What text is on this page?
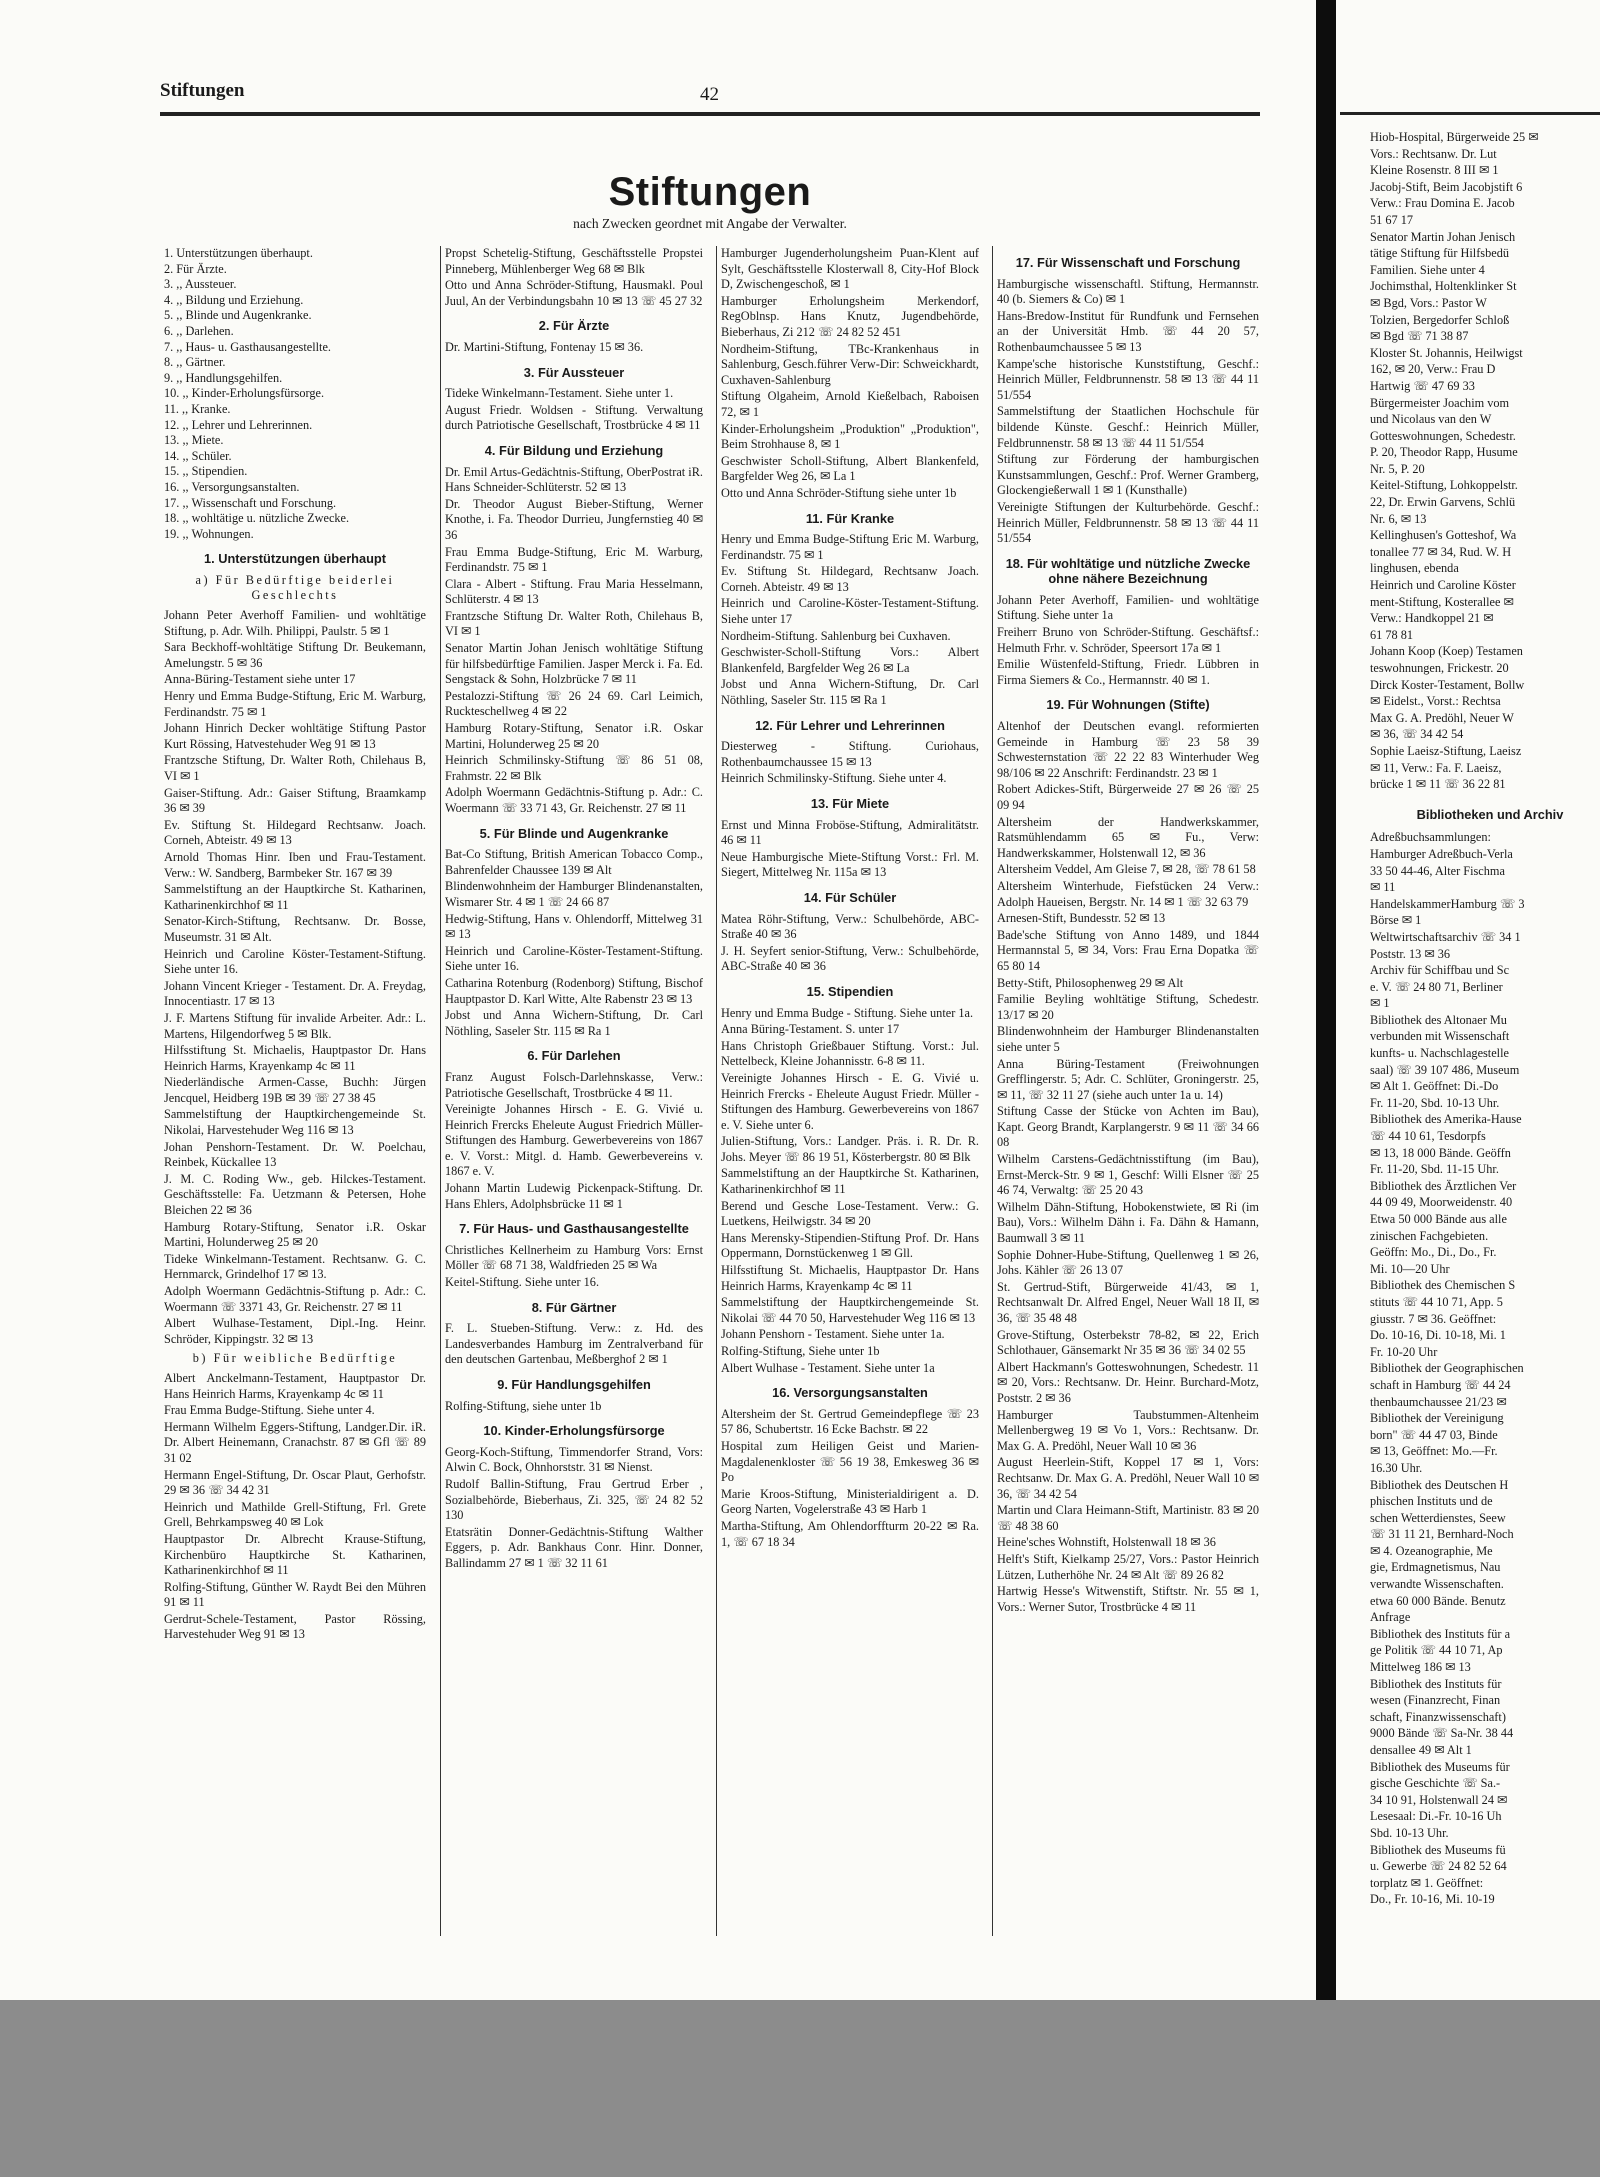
Stiftungen	42
Stiftungen
nach Zwecken geordnet mit Angabe der Verwalter.
1. Unterstützungen überhaupt.
2. Für Ärzte.
3. ,, Aussteuer.
4. ,, Bildung und Erziehung.
5. ,, Blinde und Augenkranke.
6. ,, Darlehen.
7. ,, Haus- u. Gasthausangestellte.
8. ,, Gärtner.
9. ,, Handlungsgehilfen.
10. ,, Kinder-Erholungsfürsorge.
11. ,, Kranke.
12. ,, Lehrer und Lehrerinnen.
13. ,, Miete.
14. ,, Schüler.
15. ,, Stipendien.
16. ,, Versorgungsanstalten.
17. ,, Wissenschaft und Forschung.
18. ,, wohltätige u. nützliche Zwecke.
19. ,, Wohnungen.
1. Unterstützungen überhaupt
a) Für Bedürftige beiderlei Geschlechts
Johann Peter Averhoff Familien- und wohltätige Stiftung, p. Adr. Wilh. Philippi, Paulstr. 5 ✉ 1
Sara Beckhoff-wohltätige Stiftung Dr. Beukemann, Amelungstr. 5 ✉ 36
Anna-Büring-Testament siehe unter 17
Henry und Emma Budge-Stiftung, Eric M. Warburg, Ferdinandstr. 75 ✉ 1
Johann Hinrich Decker wohltätige Stiftung Pastor Kurt Rössing, Hatvestehuder Weg 91 ✉ 13
Frantzsche Stiftung, Dr. Walter Roth, Chilehaus B, VI ✉ 1
Gaiser-Stiftung. Adr.: Gaiser Stiftung, Braamkamp 36 ✉ 39
Ev. Stiftung St. Hildegard Rechtsanw. Joach. Corneh, Abteistr. 49 ✉ 13
Arnold Thomas Hinr. Iben und Frau-Testament. Verw.: W. Sandberg, Barmbeker Str. 167 ✉ 39
Sammelstiftung an der Hauptkirche St. Katharinen, Katharinenkirchhof ✉ 11
Senator-Kirch-Stiftung, Rechtsanw. Dr. Bosse, Museumstr. 31 ✉ Alt.
Heinrich und Caroline Köster-Testament-Stiftung. Siehe unter 16.
Johann Vincent Krieger - Testament. Dr. A. Freydag, Innocentiastr. 17 ✉ 13
J. F. Martens Stiftung für invalide Arbeiter. Adr.: L. Martens, Hilgendorfweg 5 ✉ Blk.
Hilfsstiftung St. Michaelis, Hauptpastor Dr. Hans Heinrich Harms, Krayenkamp 4c ✉ 11
Niederländische Armen-Casse, Buchh: Jürgen Jencquel, Heidberg 19B ✉ 39 ☏ 27 38 45
Sammelstiftung der Hauptkirchengemeinde St. Nikolai, Harvestehuder Weg 116 ✉ 13
Johan Penshorn-Testament. Dr. W. Poelchau, Reinbek, Kückallee 13
J. M. C. Roding Ww., geb. Hilckes-Testament. Geschäftsstelle: Fa. Uetzmann & Petersen, Hohe Bleichen 22 ✉ 36
Hamburg Rotary-Stiftung, Senator i.R. Oskar Martini, Holunderweg 25 ✉ 20
Tideke Winkelmann-Testament. Rechtsanw. G. C. Hernmarck, Grindelhof 17 ✉ 13.
Adolph Woermann Gedächtnis-Stiftung p. Adr.: C. Woermann ☏ 3371 43, Gr. Reichenstr. 27 ✉ 11
Albert Wulhase-Testament, Dipl.-Ing. Heinr. Schröder, Kippingstr. 32 ✉ 13
b) Für weibliche Bedürftige
Albert Anckelmann-Testament, Hauptpastor Dr. Hans Heinrich Harms, Krayenkamp 4c ✉ 11
Frau Emma Budge-Stiftung. Siehe unter 4.
Hermann Wilhelm Eggers-Stiftung, Landger.Dir. iR. Dr. Albert Heinemann, Cranachstr. 87 ✉ Gfl ☏ 89 31 02
Hermann Engel-Stiftung, Dr. Oscar Plaut, Gerhofstr. 29 ✉ 36 ☏ 34 42 31
Heinrich und Mathilde Grell-Stiftung, Frl. Grete Grell, Behrkampsweg 40 ✉ Lok
Hauptpastor Dr. Albrecht Krause-Stiftung, Kirchenbüro Hauptkirche St. Katharinen, Katharinenkirchhof ✉ 11
Rolfing-Stiftung, Günther W. Raydt Bei den Mühren 91 ✉ 11
Gerdrut-Schele-Testament, Pastor Rössing, Harvestehuder Weg 91 ✉ 13
Propst Schetelig-Stiftung, Geschäftsstelle Propstei Pinneberg, Mühlenberger Weg 68 ✉ Blk
Otto und Anna Schröder-Stiftung, Hausmakl. Poul Juul, An der Verbindungsbahn 10 ✉ 13 ☏ 45 27 32
2. Für Ärzte
Dr. Martini-Stiftung, Fontenay 15 ✉ 36.
3. Für Aussteuer
Tideke Winkelmann-Testament. Siehe unter 1.
August Friedr. Woldsen - Stiftung. Verwaltung durch Patriotische Gesellschaft, Trostbrücke 4 ✉ 11
4. Für Bildung und Erziehung
Dr. Emil Artus-Gedächtnis-Stiftung, OberPostrat iR. Hans Schneider-Schlüterstr. 52 ✉ 13
Dr. Theodor August Bieber-Stiftung, Werner Knothe, i. Fa. Theodor Durrieu, Jungfernstieg 40 ✉ 36
Frau Emma Budge-Stiftung, Eric M. Warburg, Ferdinandstr. 75 ✉ 1
Clara - Albert - Stiftung. Frau Maria Hesselmann, Schlüterstr. 4 ✉ 13
Frantzsche Stiftung Dr. Walter Roth, Chilehaus B, VI ✉ 1
Senator Martin Johan Jenisch wohltätige Stiftung für hilfsbedürftige Familien. Jasper Merck i. Fa. Ed. Sengstack & Sohn, Holzbrücke 7 ✉ 11
Pestalozzi-Stiftung ☏ 26 24 69. Carl Leimich, Ruckteschellweg 4 ✉ 22
Hamburg Rotary-Stiftung, Senator i.R. Oskar Martini, Holunderweg 25 ✉ 20
Heinrich Schmilinsky-Stiftung ☏ 86 51 08, Frahmstr. 22 ✉ Blk
Adolph Woermann Gedächtnis-Stiftung p. Adr.: C. Woermann ☏ 33 71 43, Gr. Reichenstr. 27 ✉ 11
5. Für Blinde und Augenkranke
Bat-Co Stiftung, British American Tobacco Comp., Bahrenfelder Chaussee 139 ✉ Alt
Blindenwohnheim der Hamburger Blindenanstalten, Wismarer Str. 4 ✉ 1 ☏ 24 66 87
Hedwig-Stiftung, Hans v. Ohlendorff, Mittelweg 31 ✉ 13
Heinrich und Caroline-Köster-Testament-Stiftung. Siehe unter 16.
Catharina Rotenburg (Rodenborg) Stiftung, Bischof Hauptpastor D. Karl Witte, Alte Rabenstr 23 ✉ 13
Jobst und Anna Wichern-Stiftung, Dr. Carl Nöthling, Saseler Str. 115 ✉ Ra 1
6. Für Darlehen
Franz August Folsch-Darlehnskasse, Verw.: Patriotische Gesellschaft, Trostbrücke 4 ✉ 11.
Vereinigte Johannes Hirsch - E. G. Vivié u. Heinrich Frercks Eheleute August Friedrich Müller-Stiftungen des Hamburg. Gewerbevereins von 1867 e. V. Vorst.: Mitgl. d. Hamb. Gewerbevereins v. 1867 e. V.
Johann Martin Ludewig Pickenpack-Stiftung. Dr. Hans Ehlers, Adolphsbrücke 11 ✉ 1
7. Für Haus- und Gasthausangestellte
Christliches Kellnerheim zu Hamburg Vors: Ernst Möller ☏ 68 71 38, Waldfrieden 25 ✉ Wa
Keitel-Stiftung. Siehe unter 16.
8. Für Gärtner
F. L. Stueben-Stiftung. Verw.: z. Hd. des Landesverbandes Hamburg im Zentralverband für den deutschen Gartenbau, Meßberghof 2 ✉ 1
9. Für Handlungsgehilfen
Rolfing-Stiftung, siehe unter 1b
10. Kinder-Erholungsfürsorge
Georg-Koch-Stiftung, Timmendorfer Strand, Vors: Alwin C. Bock, Ohnhorststr. 31 ✉ Nienst.
Rudolf Ballin-Stiftung, Frau Gertrud Erber , Sozialbehörde, Bieberhaus, Zi. 325, ☏ 24 82 52 130
Etatsrätin Donner-Gedächtnis-Stiftung Walther Eggers, p. Adr. Bankhaus Conr. Hinr. Donner, Ballindamm 27 ✉ 1 ☏ 32 11 61
Hamburger Jugenderholungsheim Puan-Klent auf Sylt, Geschäftsstelle Klosterwall 8, City-Hof Block D, Zwischengeschoß, ✉ 1
Hamburger Erholungsheim Merkendorf, RegOblnsp. Hans Knutz, Jugendbehörde, Bieberhaus, Zi 212 ☏ 24 82 52 451
Nordheim-Stiftung, TBc-Krankenhaus in Sahlenburg, Gesch.führer Verw-Dir: Schweickhardt, Cuxhaven-Sahlenburg
Stiftung Olgaheim, Arnold Kießelbach, Raboisen 72, ✉ 1
Kinder-Erholungsheim „Produktion" „Produktion", Beim Strohhause 8, ✉ 1
Geschwister Scholl-Stiftung, Albert Blankenfeld, Bargfelder Weg 26, ✉ La 1
Otto und Anna Schröder-Stiftung siehe unter 1b
11. Für Kranke
Henry und Emma Budge-Stiftung Eric M. Warburg, Ferdinandstr. 75 ✉ 1
Ev. Stiftung St. Hildegard, Rechtsanw Joach. Corneh. Abteistr. 49 ✉ 13
Heinrich und Caroline-Köster-Testament-Stiftung. Siehe unter 17
Nordheim-Stiftung. Sahlenburg bei Cuxhaven.
Geschwister-Scholl-Stiftung Vors.: Albert Blankenfeld, Bargfelder Weg 26 ✉ La
Jobst und Anna Wichern-Stiftung, Dr. Carl Nöthling, Saseler Str. 115 ✉ Ra 1
12. Für Lehrer und Lehrerinnen
Diesterweg - Stiftung. Curiohaus, Rothenbaumchaussee 15 ✉ 13
Heinrich Schmilinsky-Stiftung. Siehe unter 4.
13. Für Miete
Ernst und Minna Froböse-Stiftung, Admiralitätstr. 46 ✉ 11
Neue Hamburgische Miete-Stiftung Vorst.: Frl. M. Siegert, Mittelweg Nr. 115a ✉ 13
14. Für Schüler
Matea Röhr-Stiftung, Verw.: Schulbehörde, ABC-Straße 40 ✉ 36
J. H. Seyfert senior-Stiftung, Verw.: Schulbehörde, ABC-Straße 40 ✉ 36
15. Stipendien
Henry und Emma Budge - Stiftung. Siehe unter 1a.
Anna Büring-Testament. S. unter 17
Hans Christoph Grießbauer Stiftung. Vorst.: Jul. Nettelbeck, Kleine Johannisstr. 6-8 ✉ 11.
Vereinigte Johannes Hirsch - E. G. Vivié u. Heinrich Frercks - Eheleute August Friedr. Müller - Stiftungen des Hamburg. Gewerbevereins von 1867 e. V. Siehe unter 6.
Julien-Stiftung, Vors.: Landger. Präs. i. R. Dr. R. Johs. Meyer ☏ 86 19 51, Kösterbergstr. 80 ✉ Blk
Sammelstiftung an der Hauptkirche St. Katharinen, Katharinenkirchhof ✉ 11
Berend und Gesche Lose-Testament. Verw.: G. Luetkens, Heilwigstr. 34 ✉ 20
Hans Merensky-Stipendien-Stiftung Prof. Dr. Hans Oppermann, Dornstückenweg 1 ✉ Gll.
Hilfsstiftung St. Michaelis, Hauptpastor Dr. Hans Heinrich Harms, Krayenkamp 4c ✉ 11
Sammelstiftung der Hauptkirchengemeinde St. Nikolai ☏ 44 70 50, Harvestehuder Weg 116 ✉ 13
Johann Penshorn - Testament. Siehe unter 1a.
Rolfing-Stiftung, Siehe unter 1b
Albert Wulhase - Testament. Siehe unter 1a
16. Versorgungsanstalten
Altersheim der St. Gertrud Gemeindepflege ☏ 23 57 86, Schubertstr. 16 Ecke Bachstr. ✉ 22
Hospital zum Heiligen Geist und Marien-Magdalenenkloster ☏ 56 19 38, Emkesweg 36 ✉ Po
Marie Kroos-Stiftung, Ministerialdirigent a. D. Georg Narten, Vogelerstraße 43 ✉ Harb 1
Martha-Stiftung, Am Ohlendorffturm 20-22 ✉ Ra. 1, ☏ 67 18 34
17. Für Wissenschaft und Forschung
Hamburgische wissenschaftl. Stiftung, Hermannstr. 40 (b. Siemers & Co) ✉ 1
Hans-Bredow-Institut für Rundfunk und Fernsehen an der Universität Hmb. ☏ 44 20 57, Rothenbaumchaussee 5 ✉ 13
Kampe'sche historische Kunststiftung, Geschf.: Heinrich Müller, Feldbrunnenstr. 58 ✉ 13 ☏ 44 11 51/554
Sammelstiftung der Staatlichen Hochschule für bildende Künste. Geschf.: Heinrich Müller, Feldbrunnenstr. 58 ✉ 13 ☏ 44 11 51/554
Stiftung zur Förderung der hamburgischen Kunstsammlungen, Geschf.: Prof. Werner Gramberg, Glockengießerwall 1 ✉ 1 (Kunsthalle)
Vereinigte Stiftungen der Kulturbehörde. Geschf.: Heinrich Müller, Feldbrunnenstr. 58 ✉ 13 ☏ 44 11 51/554
18. Für wohltätige und nützliche Zwecke ohne nähere Bezeichnung
Johann Peter Averhoff, Familien- und wohltätige Stiftung. Siehe unter 1a
Freiherr Bruno von Schröder-Stiftung. Geschäftsf.: Helmuth Frhr. v. Schröder, Speersort 17a ✉ 1
Emilie Wüstenfeld-Stiftung, Friedr. Lübbren in Firma Siemers & Co., Hermannstr. 40 ✉ 1.
19. Für Wohnungen (Stifte)
Altenhof der Deutschen evangl. reformierten Gemeinde in Hamburg ☏ 23 58 39 Schwesternstation ☏ 22 22 83 Winterhuder Weg 98/106 ✉ 22 Anschrift: Ferdinandstr. 23 ✉ 1
Robert Adickes-Stift, Bürgerweide 27 ✉ 26 ☏ 25 09 94
Altersheim der Handwerkskammer, Ratsmühlendamm 65 ✉ Fu., Verw: Handwerkskammer, Holstenwall 12, ✉ 36
Altersheim Veddel, Am Gleise 7, ✉ 28, ☏ 78 61 58
Altersheim Winterhude, Fiefstücken 24 Verw.: Adolph Haueisen, Bergstr. Nr. 14 ✉ 1 ☏ 32 63 79
Arnesen-Stift, Bundesstr. 52 ✉ 13
Bade'sche Stiftung von Anno 1489, und 1844 Hermannstal 5, ✉ 34, Vors: Frau Erna Dopatka ☏ 65 80 14
Betty-Stift, Philosophenweg 29 ✉ Alt
Familie Beyling wohltätige Stiftung, Schedestr. 13/17 ✉ 20
Blindenwohnheim der Hamburger Blindenanstalten siehe unter 5
Anna Büring-Testament (Freiwohnungen Grefflingerstr. 5; Adr. C. Schlüter, Groningerstr. 25, ✉ 11, ☏ 32 11 27 (siehe auch unter 1a u. 14)
Stiftung Casse der Stücke von Achten im Bau), Kapt. Georg Brandt, Karplangerstr. 9 ✉ 11 ☏ 34 66 08
Wilhelm Carstens-Gedächtnisstiftung (im Bau), Ernst-Merck-Str. 9 ✉ 1, Geschf: Willi Elsner ☏ 25 46 74, Verwaltg: ☏ 25 20 43
Wilhelm Dähn-Stiftung, Hobokenstwiete, ✉ Ri (im Bau), Vors.: Wilhelm Dähn i. Fa. Dähn & Hamann, Baumwall 3 ✉ 11
Sophie Dohner-Hube-Stiftung, Quellenweg 1 ✉ 26, Johs. Kähler ☏ 26 13 07
St. Gertrud-Stift, Bürgerweide 41/43, ✉ 1, Rechtsanwalt Dr. Alfred Engel, Neuer Wall 18 II, ✉ 36, ☏ 35 48 48
Grove-Stiftung, Osterbekstr 78-82, ✉ 22, Erich Schlothauer, Gänsemarkt Nr 35 ✉ 36 ☏ 34 02 55
Albert Hackmann's Gotteswohnungen, Schedestr. 11 ✉ 20, Vors.: Rechtsanw. Dr. Heinr. Burchard-Motz, Poststr. 2 ✉ 36
Hamburger Taubstummen-Altenheim Mellenbergweg 19 ✉ Vo 1, Vors.: Rechtsanw. Dr. Max G. A. Predöhl, Neuer Wall 10 ✉ 36
August Heerlein-Stift, Koppel 17 ✉ 1, Vors: Rechtsanw. Dr. Max G. A. Predöhl, Neuer Wall 10 ✉ 36, ☏ 34 42 54
Martin und Clara Heimann-Stift, Martinistr. 83 ✉ 20 ☏ 48 38 60
Heine'sches Wohnstift, Holstenwall 18 ✉ 36
Helft's Stift, Kielkamp 25/27, Vors.: Pastor Heinrich Lützen, Lutherhöhe Nr. 24 ✉ Alt ☏ 89 26 82
Hartwig Hesse's Witwenstift, Stiftstr. Nr. 55 ✉ 1, Vors.: Werner Sutor, Trostbrücke 4 ✉ 11
Hiob-Hospital, Bürgerweide 25 ✉
Vors.: Rechtsanw. Dr. Lut
Kleine Rosenstr. 8 III ✉ 1
Jacobj-Stift, Beim Jacobjstift 6
Verw.: Frau Domina E. Jacob
51 67 17
Senator Martin Johan Jenisch
tätige Stiftung für Hilfsbedü
Familien. Siehe unter 4
Jochimsthal, Holtenklinker St
✉ Bgd, Vors.: Pastor W
Tolzien, Bergedorfer Schloß
✉ Bgd ☏ 71 38 87
Kloster St. Johannis, Heilwigst
162, ✉ 20, Verw.: Frau D
Hartwig ☏ 47 69 33
Bürgermeister Joachim vom
und Nicolaus van den W
Gotteswohnungen, Schedestr.
P. 20, Theodor Rapp, Husume
Nr. 5, P. 20
Keitel-Stiftung, Lohkoppelstr.
22, Dr. Erwin Garvens, Schlü
Nr. 6, ✉ 13
Kellinghusen's Gotteshof, Wa
tonallee 77 ✉ 34, Rud. W. H
linghusen, ebenda
Heinrich und Caroline Köster
ment-Stiftung, Kosterallee ✉
Verw.: Handkoppel 21 ✉
61 78 81
Johann Koop (Koep) Testamen
teswohnungen, Frickestr. 20
Dirck Koster-Testament, Bollw
✉ Eidelst., Vorst.: Rechtsa
Max G. A. Predöhl, Neuer W
✉ 36, ☏ 34 42 54
Sophie Laeisz-Stiftung, Laeisz
✉ 11, Verw.: Fa. F. Laeisz,
brücke 1 ✉ 11 ☏ 36 22 81
Bibliotheken und Archiv
Adreßbuchsammlungen:
Hamburger Adreßbuch-Verla
33 50 44-46, Alter Fischma
✉ 11
HandelskammerHamburg ☏ 3
Börse ✉ 1
Weltwirtschaftsarchiv ☏ 34 1
Poststr. 13 ✉ 36
Archiv für Schiffbau und Sc
e. V. ☏ 24 80 71, Berliner
✉ 1
Bibliothek des Altonaer Mu
verbunden mit Wissenschaft
kunfts- u. Nachschlagestelle
saal) ☏ 39 107 486, Museum
✉ Alt 1. Geöffnet: Di.-Do
Fr. 11-20, Sbd. 10-13 Uhr.
Bibliothek des Amerika-Hause
☏ 44 10 61, Tesdorpfs
✉ 13, 18 000 Bände. Geöffn
Fr. 11-20, Sbd. 11-15 Uhr.
Bibliothek des Ärztlichen Ver
44 09 49, Moorweidenstr. 40
Etwa 50 000 Bände aus alle
zinischen Fachgebieten.
Geöffn: Mo., Di., Do., Fr.
Mi. 10—20 Uhr
Bibliothek des Chemischen S
stituts ☏ 44 10 71, App. 5
giusstr. 7 ✉ 36. Geöffnet:
Do. 10-16, Di. 10-18, Mi. 1
Fr. 10-20 Uhr
Bibliothek der Geographischen
schaft in Hamburg ☏ 44 24
thenbaumchaussee 21/23 ✉
Bibliothek der Vereinigung
born" ☏ 44 47 03, Binde
✉ 13, Geöffnet: Mo.—Fr.
16.30 Uhr.
Bibliothek des Deutschen H
phischen Instituts und de
schen Wetterdienstes, Seew
☏ 31 11 21, Bernhard-Noch
✉ 4. Ozeanographie, Me
gie, Erdmagnetismus, Nau
verwandte Wissenschaften.
etwa 60 000 Bände. Benutz
Anfrage
Bibliothek des Instituts für a
ge Politik ☏ 44 10 71, Ap
Mittelweg 186 ✉ 13
Bibliothek des Instituts für
wesen (Finanzrecht, Finan
schaft, Finanzwissenschaft)
9000 Bände ☏ Sa-Nr. 38 44
densallee 49 ✉ Alt 1
Bibliothek des Museums für
gische Geschichte ☏ Sa.-
34 10 91, Holstenwall 24 ✉
Lesesaal: Di.-Fr. 10-16 Uh
Sbd. 10-13 Uhr.
Bibliothek des Museums fü
u. Gewerbe ☏ 24 82 52 64
torplatz ✉ 1. Geöffnet:
Do., Fr. 10-16, Mi. 10-19
